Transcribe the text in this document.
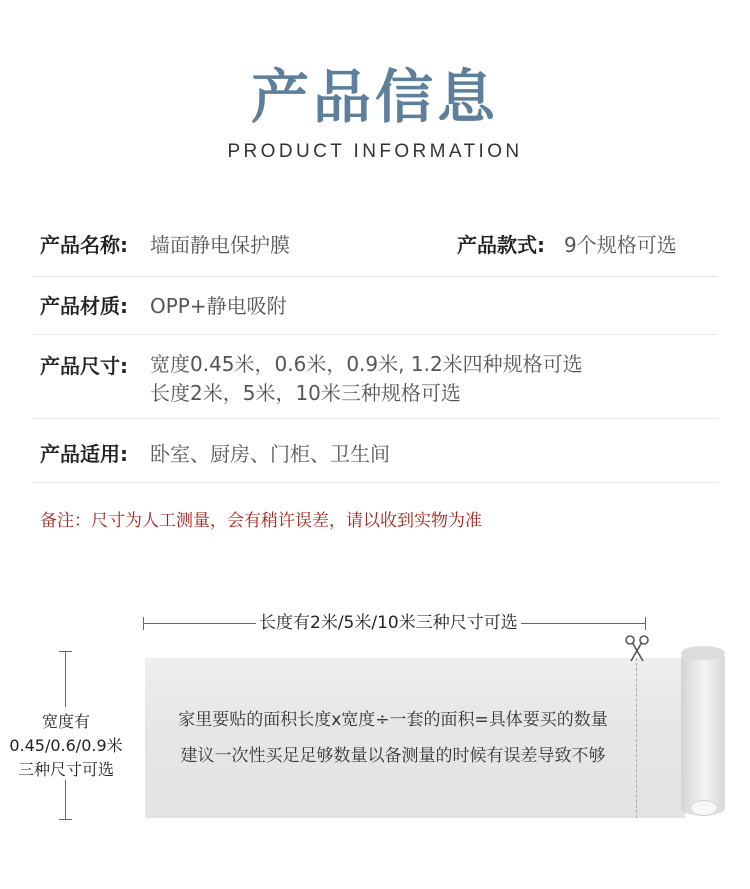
产品信息
PRODUCT INFORMATION
产品名称: 墙面静电保护膜	产品款式: 9个规格可选
产品材质: OPP+静电吸附
产品尺寸: 宽度0.45米，0.6米，0.9米, 1.2米四种规格可选
长度2米，5米，10米三种规格可选
产品适用: 卧室、厨房、门柜、卫生间
备注：尺寸为人工测量，会有稍许误差，请以收到实物为准
长度有2米/5米/10米三种尺寸可选
宽度有
0.45/0.6/0.9米
三种尺寸可选
家里要贴的面积长度x宽度÷一套的面积=具体要买的数量
建议一次性买足足够数量以备测量的时候有误差导致不够
